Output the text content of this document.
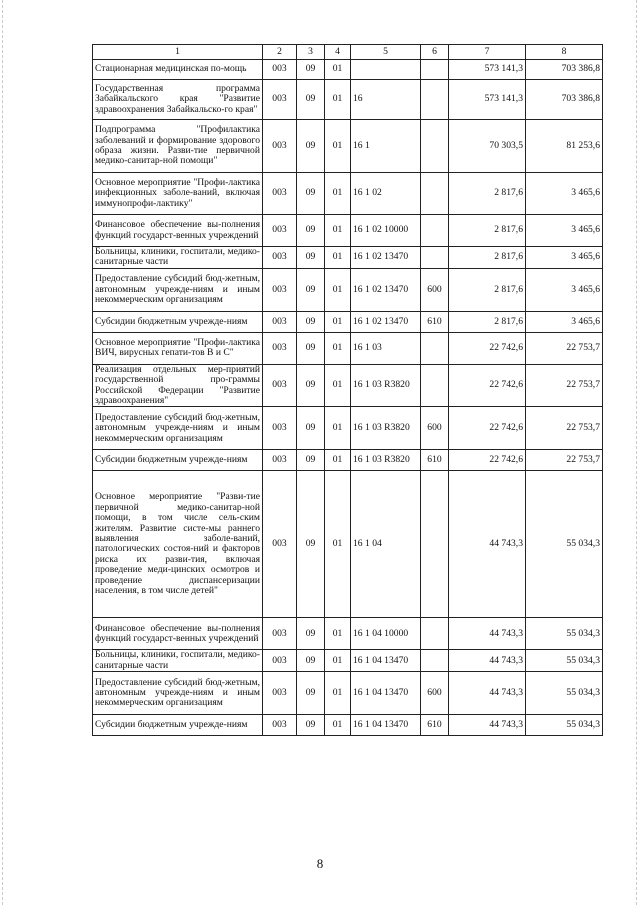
1	2	3	4	5	6	7	8
Стационарная медицинская по-мощь	003	09	01			573 141,3	703 386,8
Государственная программа Забайкальского края "Развитие здравоохранения Забайкальско-го края"	003	09	01	16		573 141,3	703 386,8
Подпрограмма "Профилактика заболеваний и формирование здорового образа жизни. Разви-тие первичной медико-санитар-ной помощи"	003	09	01	16 1		70 303,5	81 253,6
Основное мероприятие "Профи-лактика инфекционных заболе-ваний, включая иммунопрофи-лактику"	003	09	01	16 1 02		2 817,6	3 465,6
Финансовое обеспечение вы-полнения функций государст-венных учреждений	003	09	01	16 1 02 10000		2 817,6	3 465,6
Больницы, клиники, госпитали, медико-санитарные части	003	09	01	16 1 02 13470		2 817,6	3 465,6
Предоставление субсидий бюд-жетным, автономным учрежде-ниям и иным некоммерческим организациям	003	09	01	16 1 02 13470	600	2 817,6	3 465,6
Субсидии бюджетным учрежде-ниям	003	09	01	16 1 02 13470	610	2 817,6	3 465,6
Основное мероприятие "Профи-лактика ВИЧ, вирусных гепати-тов В и С"	003	09	01	16 1 03		22 742,6	22 753,7
Реализация отдельных мер-приятий государственной про-граммы Российской Федерации "Развитие здравоохранения"	003	09	01	16 1 03 R3820		22 742,6	22 753,7
Предоставление субсидий бюд-жетным, автономным учрежде-ниям и иным некоммерческим организациям	003	09	01	16 1 03 R3820	600	22 742,6	22 753,7
Субсидии бюджетным учрежде-ниям	003	09	01	16 1 03 R3820	610	22 742,6	22 753,7
Основное мероприятие "Разви-тие первичной медико-санитар-ной помощи, в том числе сель-ским жителям. Развитие систе-мы раннего выявления заболе-ваний, патологических состоя-ний и факторов риска их разви-тия, включая проведение меди-цинских осмотров и проведение диспансеризации населения, в том числе детей"	003	09	01	16 1 04		44 743,3	55 034,3
Финансовое обеспечение вы-полнения функций государст-венных учреждений	003	09	01	16 1 04 10000		44 743,3	55 034,3
Больницы, клиники, госпитали, медико-санитарные части	003	09	01	16 1 04 13470		44 743,3	55 034,3
Предоставление субсидий бюд-жетным, автономным учрежде-ниям и иным некоммерческим организациям	003	09	01	16 1 04 13470	600	44 743,3	55 034,3
Субсидии бюджетным учрежде-ниям	003	09	01	16 1 04 13470	610	44 743,3	55 034,3
8
